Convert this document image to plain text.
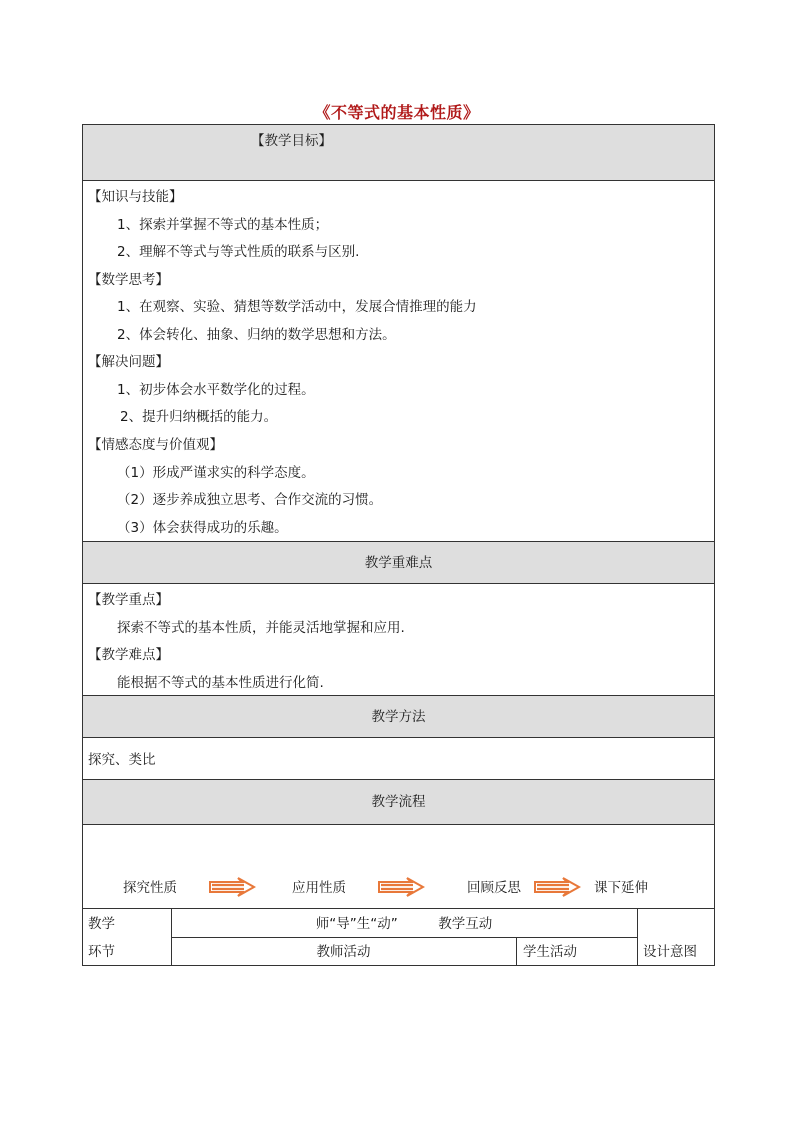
《不等式的基本性质》
【教学目标】
【知识与技能】
1、探索并掌握不等式的基本性质；
2、理解不等式与等式性质的联系与区别.
【数学思考】
1、在观察、实验、猜想等数学活动中，发展合情推理的能力
2、体会转化、抽象、归纳的数学思想和方法。
【解决问题】
1、初步体会水平数学化的过程。
2、提升归纳概括的能力。
【情感态度与价值观】
（1）形成严谨求实的科学态度。
（2）逐步养成独立思考、合作交流的习惯。
（3）体会获得成功的乐趣。
教学重难点
【教学重点】
探索不等式的基本性质，并能灵活地掌握和应用.
【教学难点】
能根据不等式的基本性质进行化简.
教学方法
探究、类比
教学流程
探究性质	应用性质	回顾反思	课下延伸
教学
环节
师“导”生“动”　　　教学互动
教师活动	学生活动	设计意图
